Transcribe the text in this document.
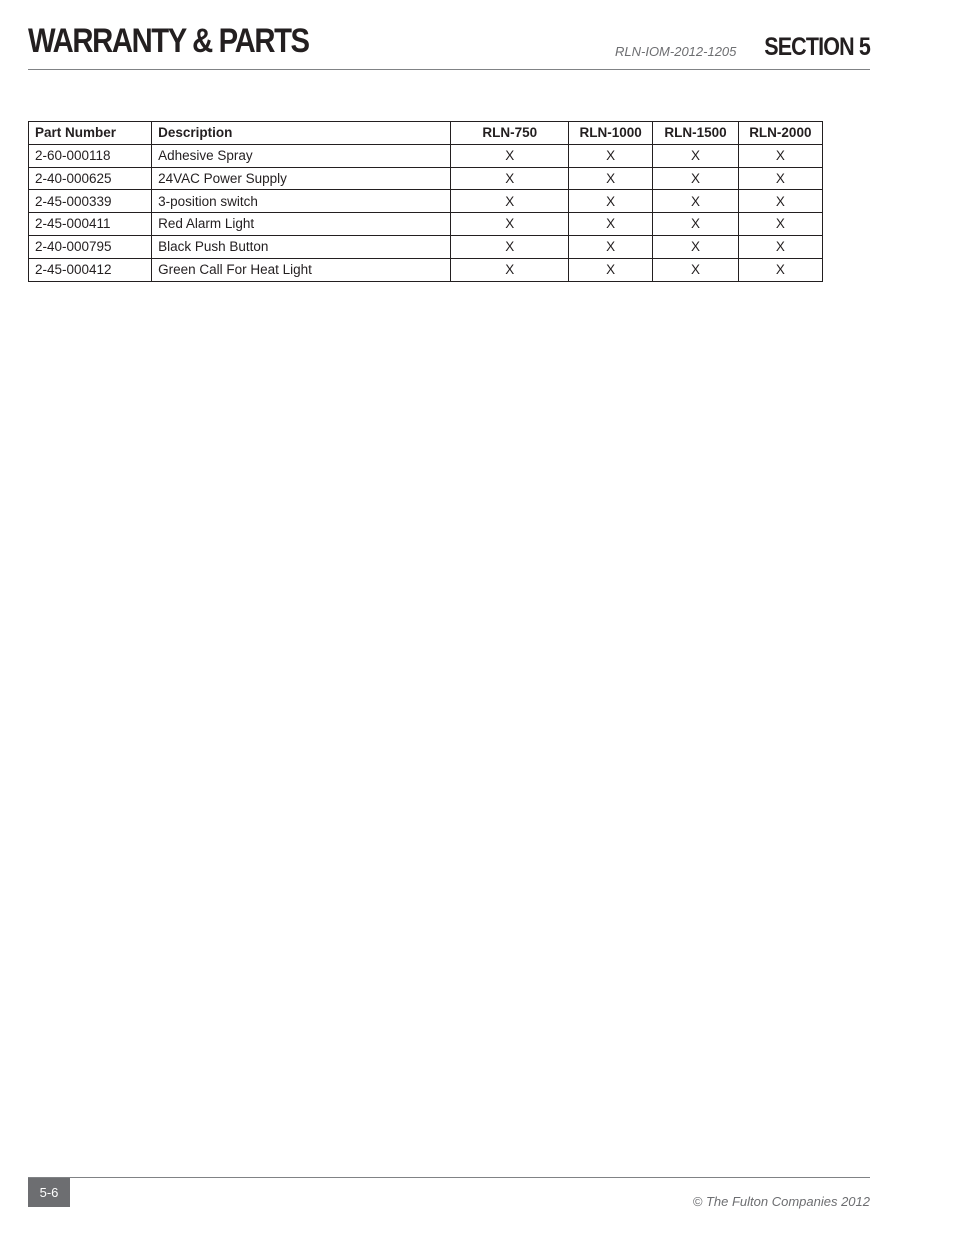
WARRANTY & PARTS	RLN-IOM-2012-1205 SECTION 5
Part Number	Description	RLN-750	RLN-1000	RLN-1500	RLN-2000
2-60-000118	Adhesive Spray	X	X	X	X
2-40-000625	24VAC Power Supply	X	X	X	X
2-45-000339	3-position switch	X	X	X	X
2-45-000411	Red Alarm Light	X	X	X	X
2-40-000795	Black Push Button	X	X	X	X
2-45-000412	Green Call For Heat Light	X	X	X	X
5-6
© The Fulton Companies 2012
